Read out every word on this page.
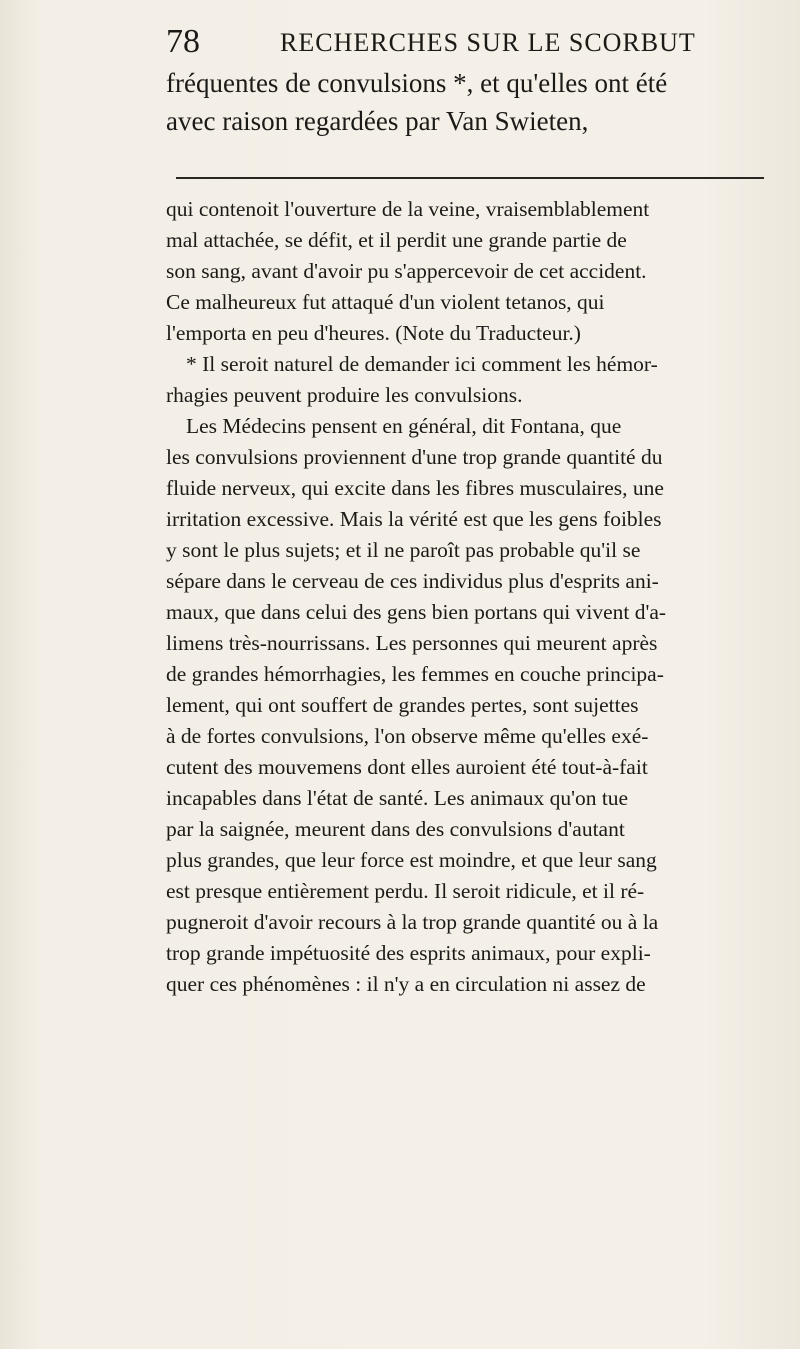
78	RECHERCHES SUR LE SCORBUT
fréquentes de convulsions *, et qu'elles ont été
avec raison regardées par Van Swieten,
qui contenoit l'ouverture de la veine, vraisemblablement
mal attachée, se défit, et il perdit une grande partie de
son sang, avant d'avoir pu s'appercevoir de cet accident.
Ce malheureux fut attaqué d'un violent tetanos, qui
l'emporta en peu d'heures. (Note du Traducteur.)
* Il seroit naturel de demander ici comment les hémor-
rhagies peuvent produire les convulsions.
Les Médecins pensent en général, dit Fontana, que
les convulsions proviennent d'une trop grande quantité du
fluide nerveux, qui excite dans les fibres musculaires, une
irritation excessive. Mais la vérité est que les gens foibles
y sont le plus sujets; et il ne paroît pas probable qu'il se
sépare dans le cerveau de ces individus plus d'esprits ani-
maux, que dans celui des gens bien portans qui vivent d'a-
limens très-nourrissans. Les personnes qui meurent après
de grandes hémorrhagies, les femmes en couche principa-
lement, qui ont souffert de grandes pertes, sont sujettes
à de fortes convulsions, l'on observe même qu'elles exé-
cutent des mouvemens dont elles auroient été tout-à-fait
incapables dans l'état de santé. Les animaux qu'on tue
par la saignée, meurent dans des convulsions d'autant
plus grandes, que leur force est moindre, et que leur sang
est presque entièrement perdu. Il seroit ridicule, et il ré-
pugneroit d'avoir recours à la trop grande quantité ou à la
trop grande impétuosité des esprits animaux, pour expli-
quer ces phénomènes : il n'y a en circulation ni assez de
